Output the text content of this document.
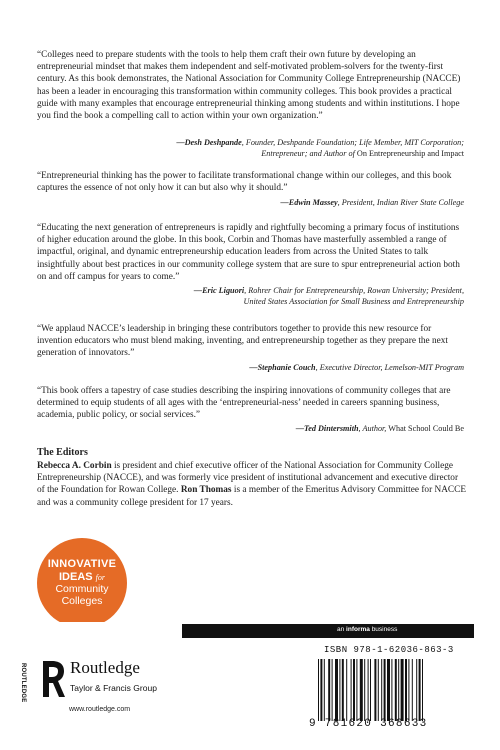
“Colleges need to prepare students with the tools to help them craft their own future by developing an entrepreneurial mindset that makes them independent and self-motivated problem-solvers for the twenty-first century. As this book demonstrates, the National Association for Community College Entrepreneurship (NACCE) has been a leader in encouraging this transformation within community colleges. This book provides a practical guide with many examples that encourage entrepreneurial thinking among students and within institutions. I hope you find the book a compelling call to action within your own organization.”

—Desh Deshpande, Founder, Deshpande Foundation; Life Member, MIT Corporation;
Entrepreneur; and Author of On Entrepreneurship and Impact

“Entrepreneurial thinking has the power to facilitate transformational change within our colleges, and this book captures the essence of not only how it can but also why it should.”

—Edwin Massey, President, Indian River State College

“Educating the next generation of entrepreneurs is rapidly and rightfully becoming a primary focus of institutions of higher education around the globe. In this book, Corbin and Thomas have masterfully assembled a range of impactful, original, and dynamic entrepreneurship education leaders from across the United States to talk insightfully about best practices in our community college system that are sure to spur entrepreneurial action both on and off campus for years to come.”

—Eric Liguori, Rohrer Chair for Entrepreneurship, Rowan University; President,
United States Association for Small Business and Entrepreneurship

“We applaud NACCE’s leadership in bringing these contributors together to provide this new resource for invention educators who must blend making, inventing, and entrepreneurship together as they prepare the next generation of innovators.”

—Stephanie Couch, Executive Director, Lemelson-MIT Program

“This book offers a tapestry of case studies describing the inspiring innovations of community colleges that are determined to equip students of all ages with the ‘entrepreneurial-ness’ needed in careers spanning business, academia, public policy, or social services.”

—Ted Dintersmith, Author, What School Could Be
The Editors

Rebecca A. Corbin is president and chief executive officer of the National Association for Community College Entrepreneurship (NACCE), and was formerly vice president of institutional advancement and executive director of the Foundation for Rowan College. Ron Thomas is a member of the Emeritus Advisory Committee for NACCE and was a community college president for 17 years.

INNOVATIVE
IDEAS for
Community
Colleges
ROUTLEDGE	Routledge
Taylor & Francis Group
www.routledge.com
an informa business
ISBN 978-1-62036-863-3
9 781620 368633
